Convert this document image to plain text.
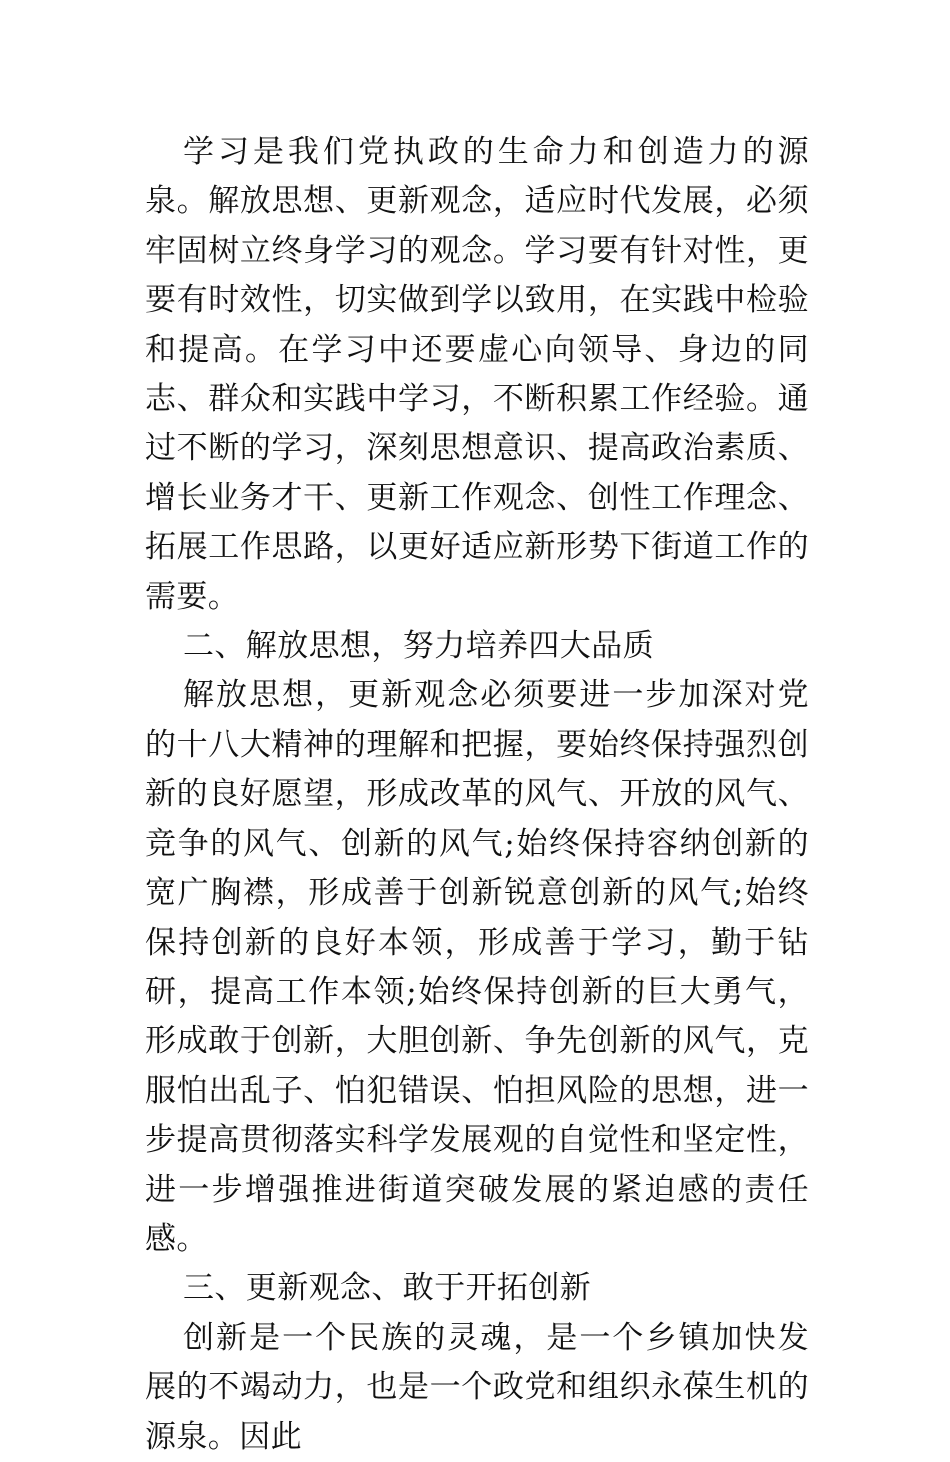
学习是我们党执政的生命力和创造力的源泉。解放思想、更新观念，适应时代发展，必须牢固树立终身学习的观念。学习要有针对性，更要有时效性，切实做到学以致用，在实践中检验和提高。在学习中还要虚心向领导、身边的同志、群众和实践中学习，不断积累工作经验。通过不断的学习，深刻思想意识、提高政治素质、增长业务才干、更新工作观念、创性工作理念、拓展工作思路，以更好适应新形势下街道工作的需要。

二、解放思想，努力培养四大品质

解放思想，更新观念必须要进一步加深对党的十八大精神的理解和把握，要始终保持强烈创新的良好愿望，形成改革的风气、开放的风气、竞争的风气、创新的风气;始终保持容纳创新的宽广胸襟，形成善于创新锐意创新的风气;始终保持创新的良好本领，形成善于学习，勤于钻研，提高工作本领;始终保持创新的巨大勇气，形成敢于创新，大胆创新、争先创新的风气，克服怕出乱子、怕犯错误、怕担风险的思想，进一步提高贯彻落实科学发展观的自觉性和坚定性，进一步增强推进街道突破发展的紧迫感的责任感。

三、更新观念、敢于开拓创新

创新是一个民族的灵魂，是一个乡镇加快发展的不竭动力，也是一个政党和组织永葆生机的源泉。因此
